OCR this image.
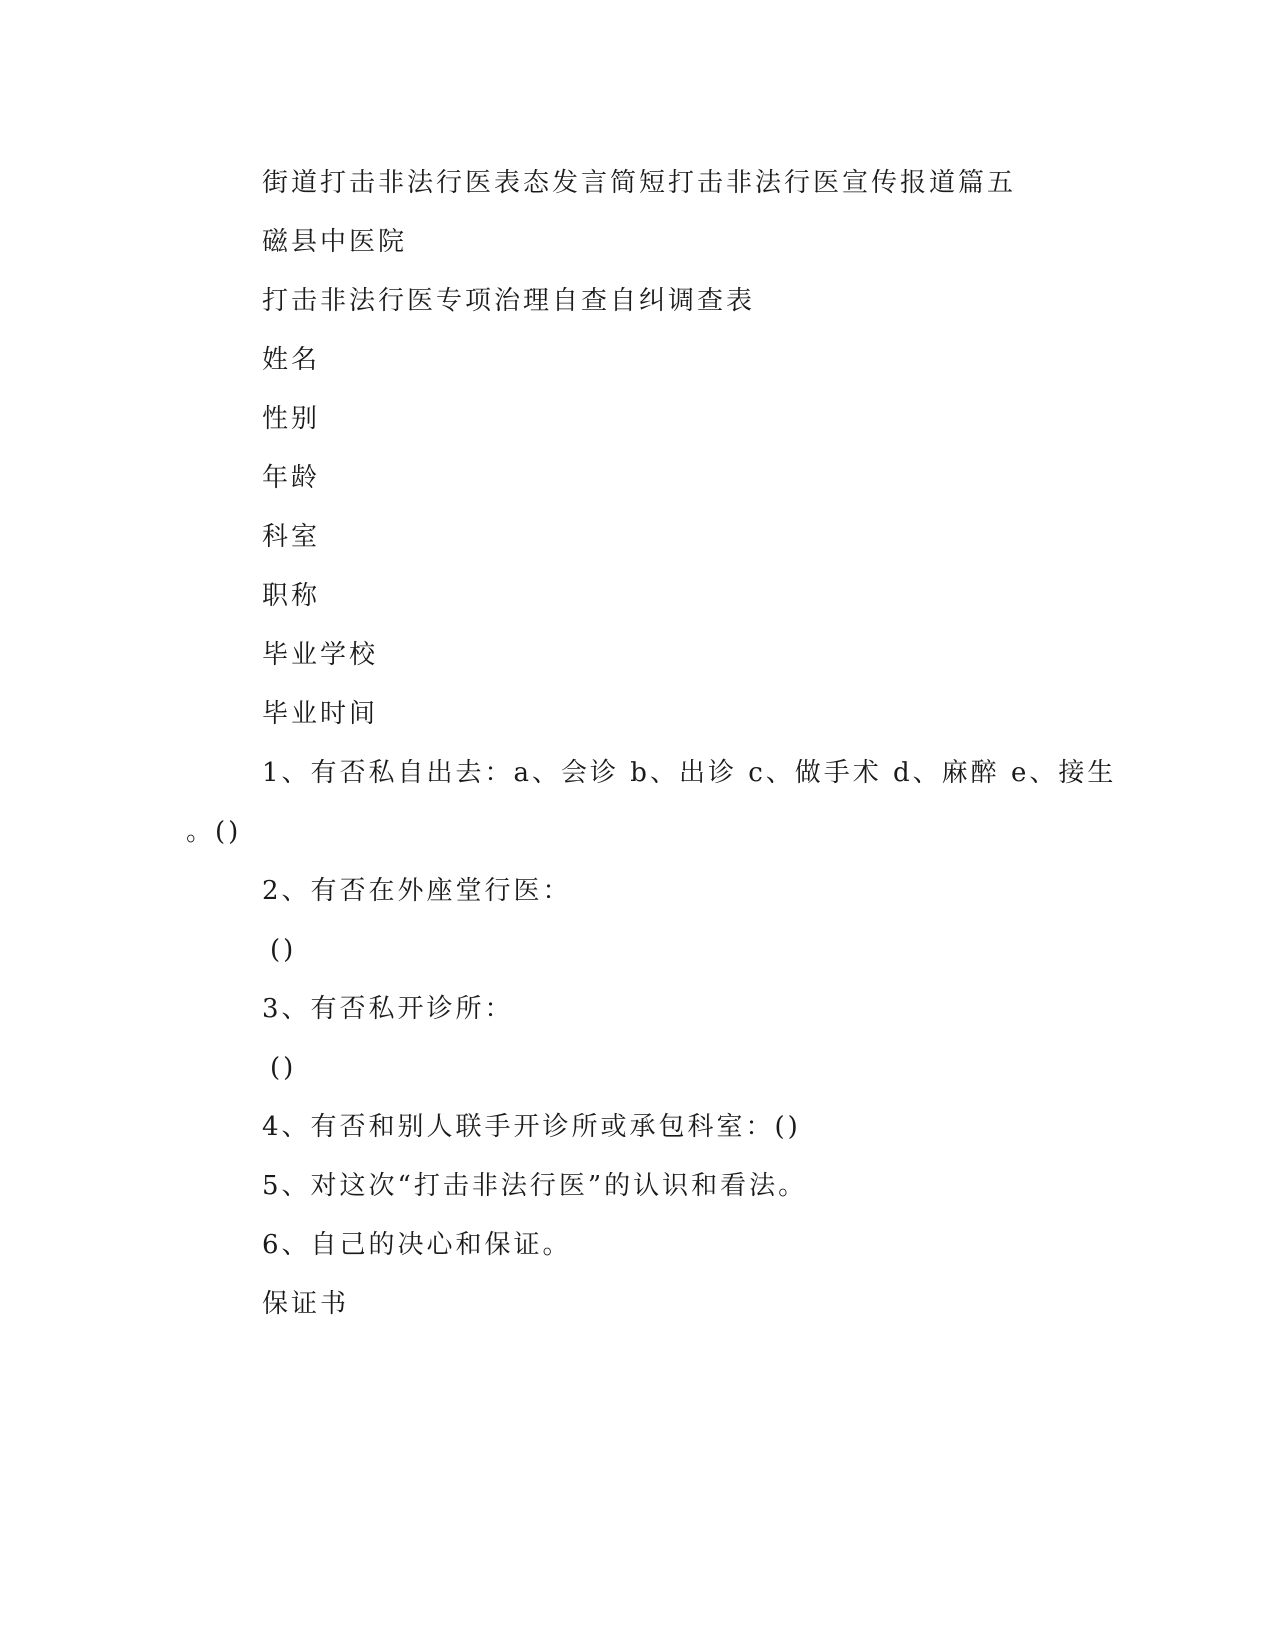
街道打击非法行医表态发言简短打击非法行医宣传报道篇五
磁县中医院
打击非法行医专项治理自查自纠调查表
姓名
性别
年龄
科室
职称
毕业学校
毕业时间
1、有否私自出去：a、会诊 b、出诊 c、做手术 d、麻醉 e、接生
。()
2、有否在外座堂行医：
()
3、有否私开诊所：
()
4、有否和别人联手开诊所或承包科室：()
5、对这次“打击非法行医”的认识和看法。
6、自己的决心和保证。
保证书
